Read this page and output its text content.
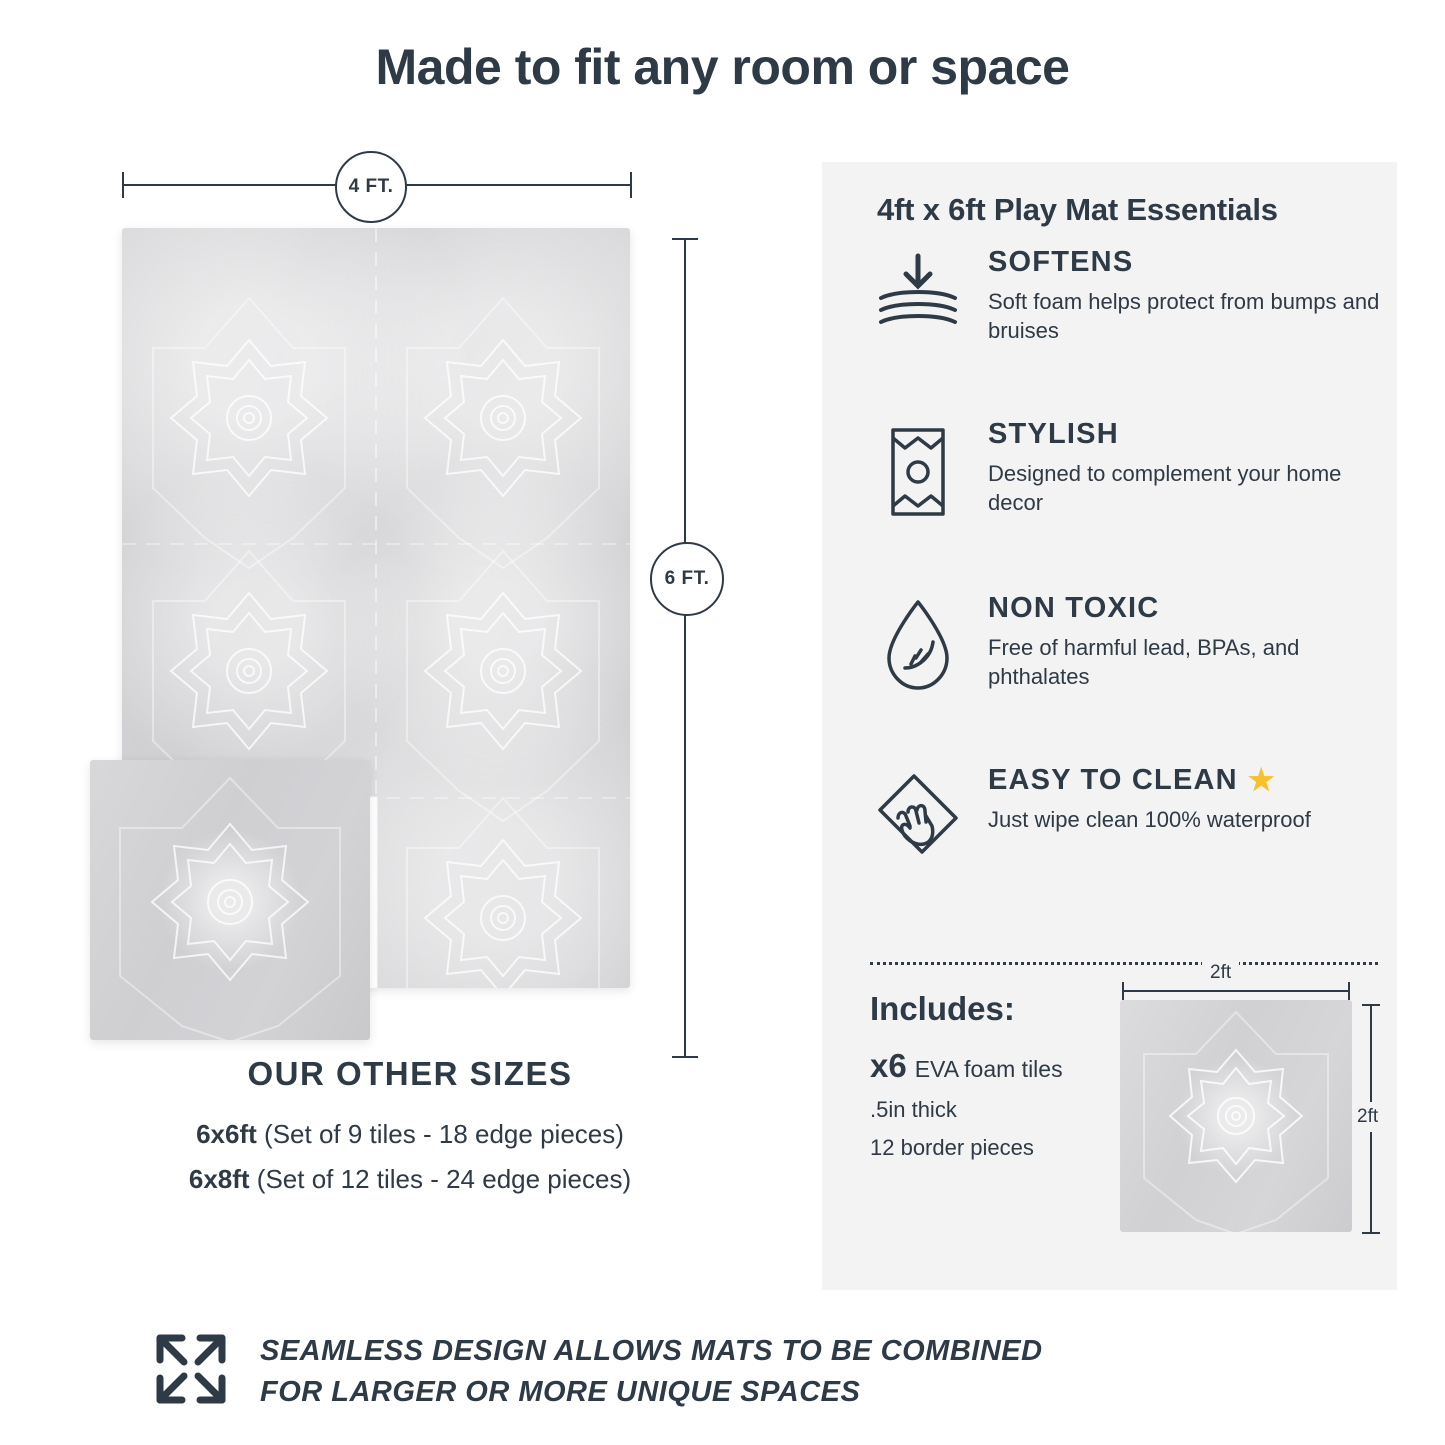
Made to fit any room or space
4 FT.
6 FT.
OUR OTHER SIZES
6x6ft (Set of 9 tiles - 18 edge pieces)
6x8ft (Set of 12 tiles - 24 edge pieces)
4ft x 6ft Play Mat Essentials
SOFTENS

Soft foam helps protect from bumps and bruises

STYLISH

Designed to complement your home decor

NON TOXIC

Free of harmful lead, BPAs, and phthalates

EASY TO CLEAN ★

Just wipe clean 100% waterproof

Includes:
x6 EVA foam tiles
.5in thick
12 border pieces
2ft
2ft
SEAMLESS DESIGN ALLOWS MATS TO BE COMBINED
FOR LARGER OR MORE UNIQUE SPACES
